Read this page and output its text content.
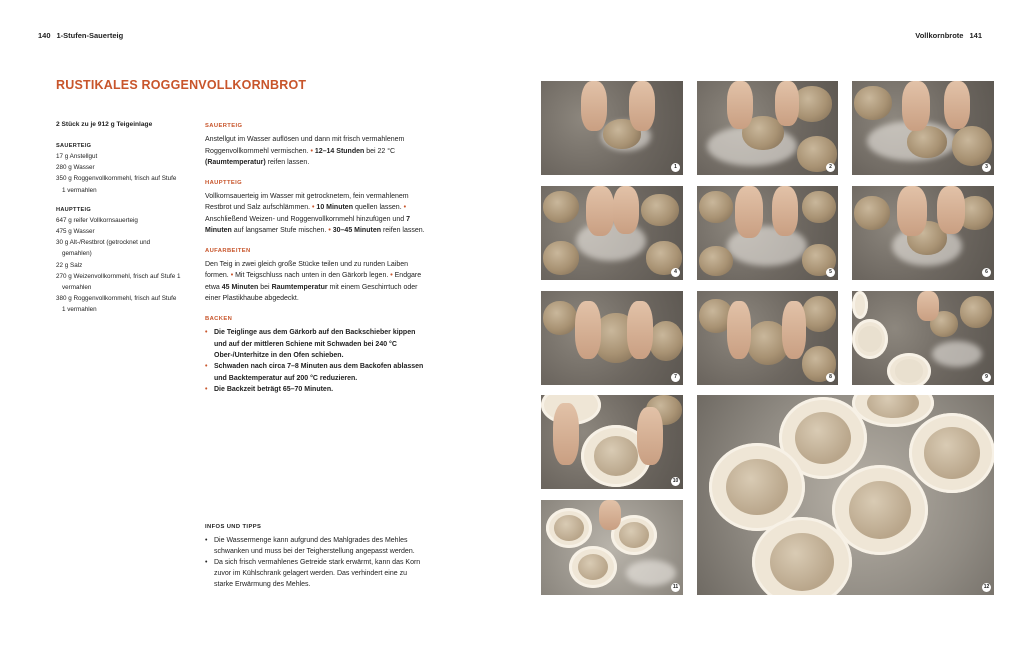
140 1-Stufen-Sauerteig	Vollkornbrote 141
RUSTIKALES ROGGENVOLLKORNBROT
2 Stück zu je 912 g Teigeinlage
SAUERTEIG
17 g Anstellgut
280 g Wasser
350 g Roggenvollkornmehl, frisch auf Stufe 1 vermahlen
HAUPTTEIG
647 g reifer Vollkornsauerteig
475 g Wasser
30 g Alt-/Restbrot (getrocknet und gemahlen)
22 g Salz
270 g Weizenvollkornmehl, frisch auf Stufe 1 vermahlen
380 g Roggenvollkornmehl, frisch auf Stufe 1 vermahlen
SAUERTEIG

Anstellgut im Wasser auflösen und dann mit frisch vermahlenem Roggenvollkornmehl vermischen. • 12–14 Stunden bei 22 °C (Raumtemperatur) reifen lassen.

HAUPTTEIG

Vollkornsauerteig im Wasser mit getrocknetem, fein vermahlenem Restbrot und Salz aufschlämmen. • 10 Minuten quellen lassen. • Anschließend Weizen- und Roggenvollkornmehl hinzufügen und 7 Minuten auf langsamer Stufe mischen. • 30–45 Minuten reifen lassen.

AUFARBEITEN

Den Teig in zwei gleich große Stücke teilen und zu runden Laiben formen. • Mit Teigschluss nach unten in den Gärkorb legen. • Endgare etwa 45 Minuten bei Raumtemperatur mit einem Geschirrtuch oder einer Plastikhaube abgedeckt.

BACKEN
• Die Teiglinge aus dem Gärkorb auf den Backschieber kippen und auf der mittleren Schiene mit Schwaden bei 240 °C Ober-/Unterhitze in den Ofen schieben.
• Schwaden nach circa 7–8 Minuten aus dem Backofen ablassen und Backtemperatur auf 200 °C reduzieren.
• Die Backzeit beträgt 65–70 Minuten.
INFOS UND TIPPS
• Die Wassermenge kann aufgrund des Mahlgrades des Mehles schwanken und muss bei der Teigherstellung angepasst werden.
• Da sich frisch vermahlenes Getreide stark erwärmt, kann das Korn zuvor im Kühlschrank gelagert werden. Das verhindert eine zu starke Erwärmung des Mehles.
1	2	3
4	5	6
7	8	9
10
11	12
